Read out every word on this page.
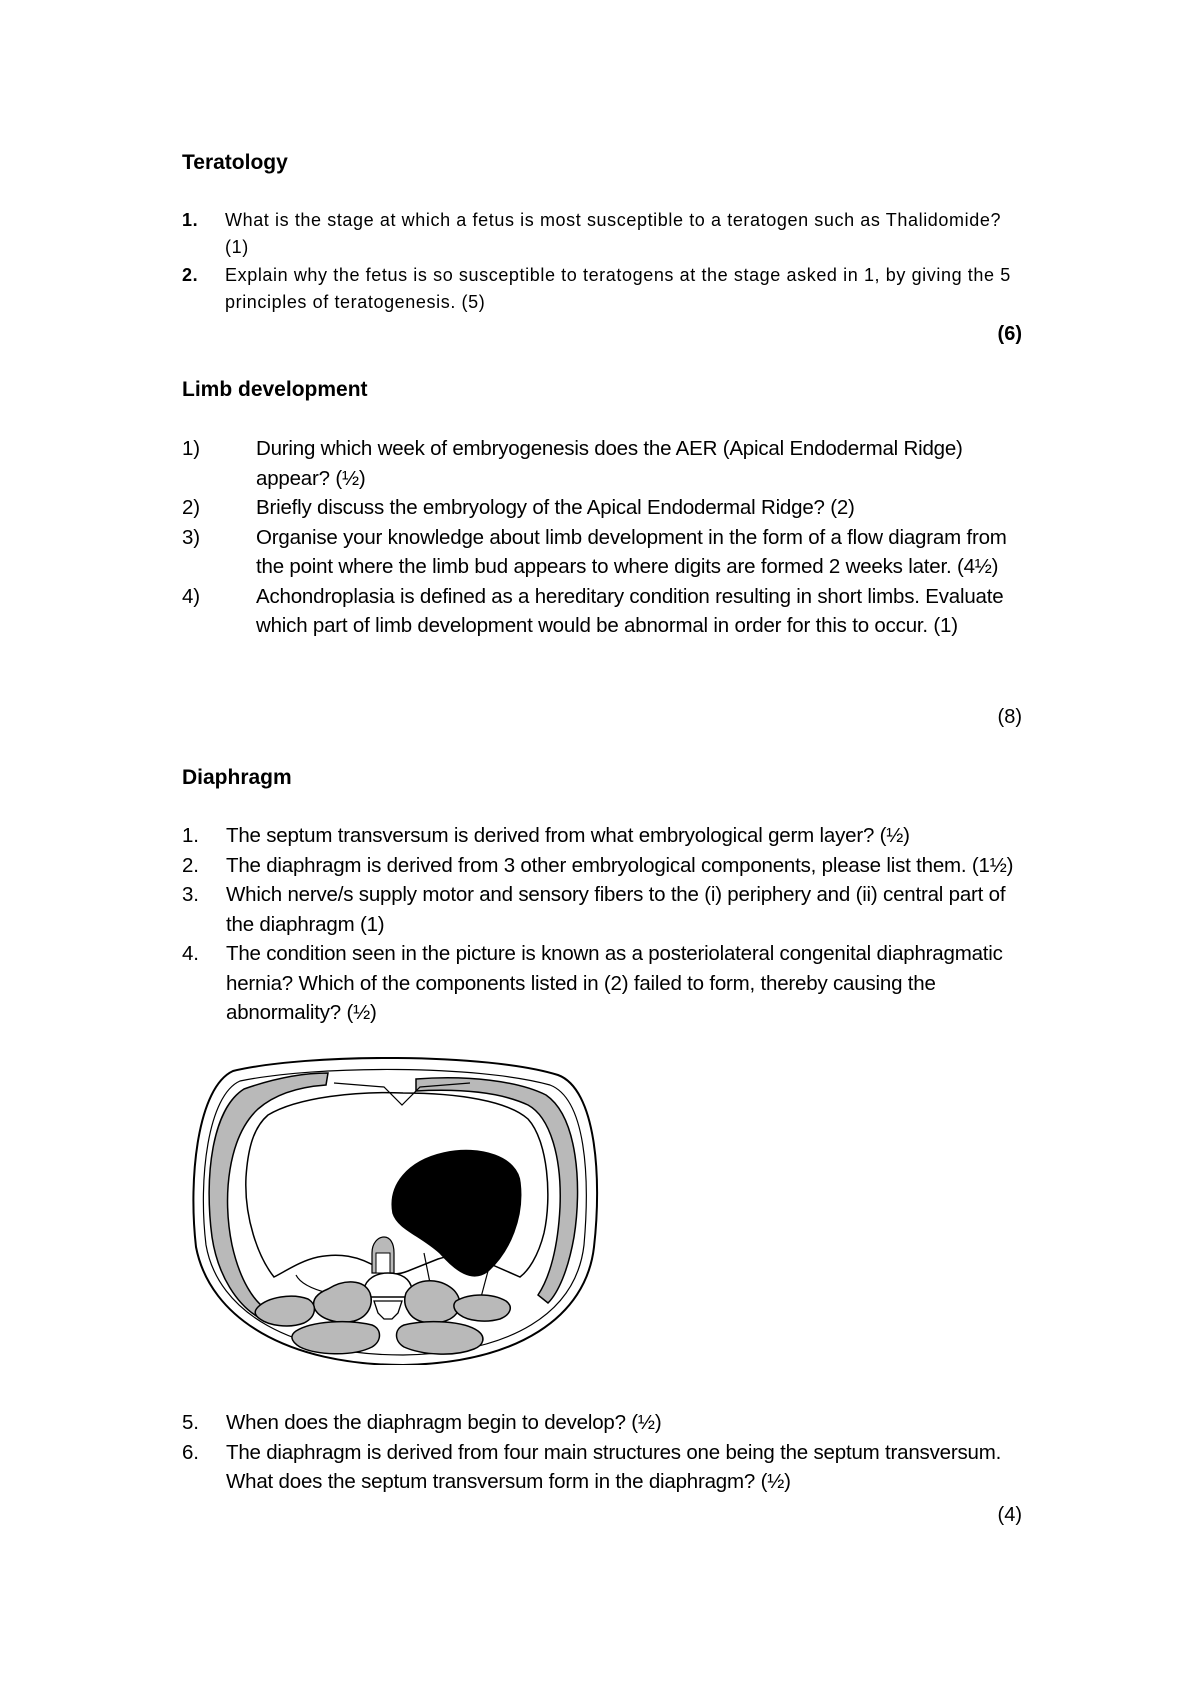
Teratology
1. What is the stage at which a fetus is most susceptible to a teratogen such as Thalidomide? (1)
2. Explain why the fetus is so susceptible to teratogens at the stage asked in 1, by giving the 5 principles of teratogenesis. (5)

(6)

Limb development
1)	During which week of embryogenesis does the AER (Apical Endodermal Ridge) appear? (½)
2)	Briefly discuss the embryology of the Apical Endodermal Ridge? (2)
3)	Organise your knowledge about limb development in the form of a flow diagram from the point where the limb bud appears to where digits are formed 2 weeks later. (4½)
4)	Achondroplasia is defined as a hereditary condition resulting in short limbs. Evaluate which part of limb development would be abnormal in order for this to occur. (1)

(8)

Diaphragm
1. The septum transversum is derived from what embryological germ layer? (½)
2. The diaphragm is derived from 3 other embryological components, please list them. (1½)
3. Which nerve/s supply motor and sensory fibers to the (i) periphery and (ii) central part of the diaphragm (1)
4. The condition seen in the picture is known as a posteriolateral congenital diaphragmatic hernia? Which of the components listed in (2) failed to form, thereby causing the abnormality? (½)
5. When does the diaphragm begin to develop? (½)
6. The diaphragm is derived from four main structures one being the septum transversum. What does the septum transversum form in the diaphragm? (½)

(4)
